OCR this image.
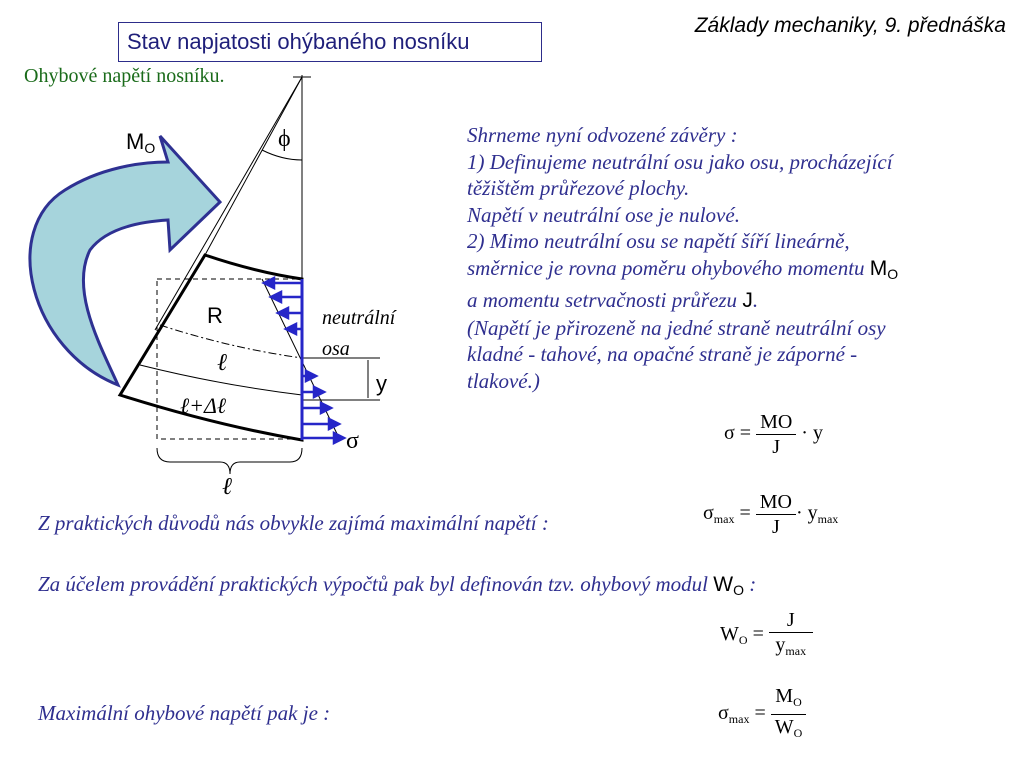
Stav napjatosti ohýbaného nosníku
Základy mechaniky, 9. přednáška
Ohybové napětí nosníku.
MO	ϕ
R
ℓ
ℓ+Δℓ
neutrální
osa
y
σ
ℓ
Shrneme nyní odvozené závěry :
1) Definujeme neutrální osu jako osu, procházející
těžištěm průřezové plochy.
Napětí v neutrální ose je nulové.
2) Mimo neutrální osu se napětí šíří lineárně,
směrnice je rovna poměru ohybového momentu MO
a momentu setrvačnosti průřezu J.
(Napětí je přirozeně na jedné straně neutrální osy
kladné - tahové, na opačné straně je záporné -
tlakové.)
$\sigma = \frac{MO}{J} \cdot y$
Z praktických důvodů nás obvykle zajímá maximální napětí :	$\sigma_{max} = \frac{MO}{J} \cdot y_{max}$
Za účelem provádění praktických výpočtů pak byl definován tzv. ohybový modul WO :
$W_O = \frac{J}{y_{max}}$
Maximální ohybové napětí pak je :	$\sigma_{max} = \frac{M_O}{W_O}$
